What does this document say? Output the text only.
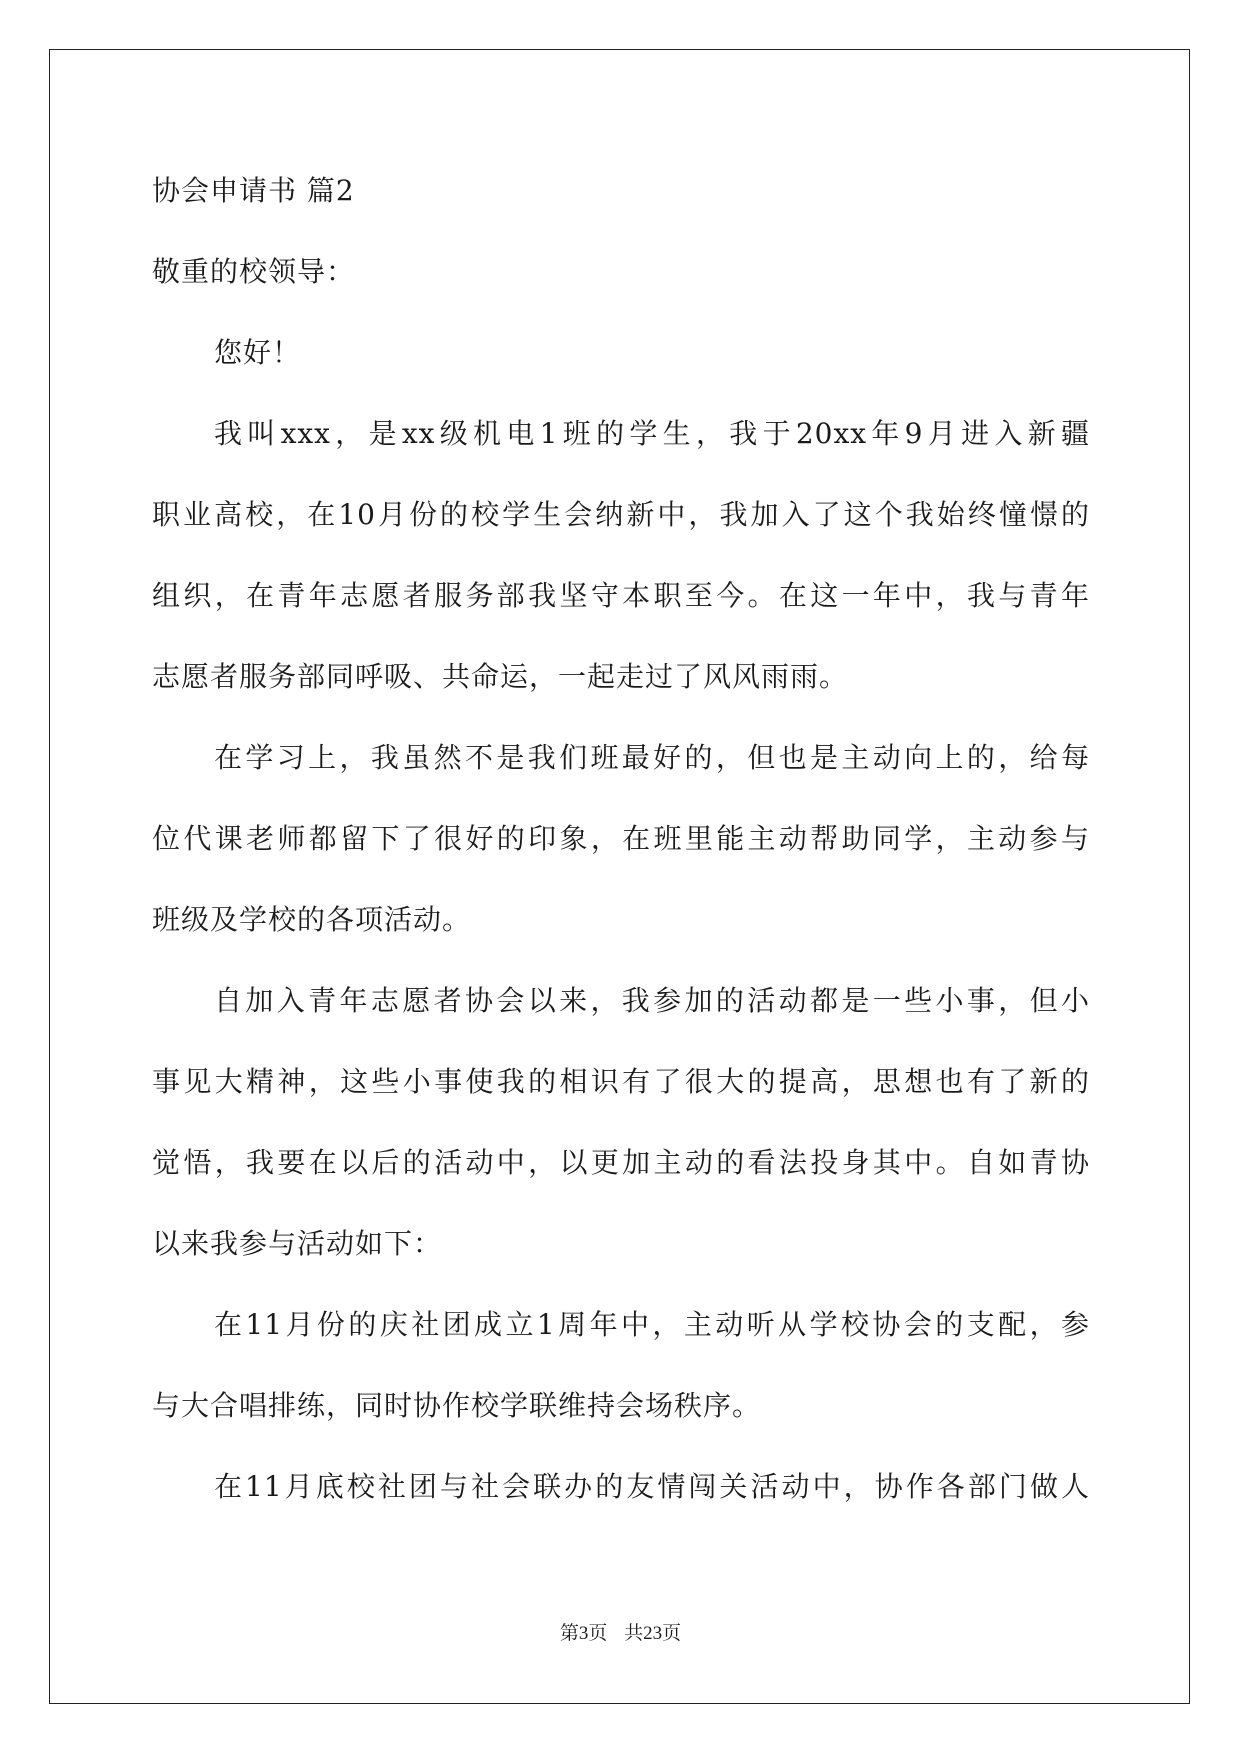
协会申请书 篇2
敬重的校领导：
您好！
我叫xxx，是xx级机电1班的学生，我于20xx年9月进入新疆
职业高校，在10月份的校学生会纳新中，我加入了这个我始终憧憬的
组织，在青年志愿者服务部我坚守本职至今。在这一年中，我与青年
志愿者服务部同呼吸、共命运，一起走过了风风雨雨。
在学习上，我虽然不是我们班最好的，但也是主动向上的，给每
位代课老师都留下了很好的印象，在班里能主动帮助同学，主动参与
班级及学校的各项活动。
自加入青年志愿者协会以来，我参加的活动都是一些小事，但小
事见大精神，这些小事使我的相识有了很大的提高，思想也有了新的
觉悟，我要在以后的活动中，以更加主动的看法投身其中。自如青协
以来我参与活动如下：
在11月份的庆社团成立1周年中，主动听从学校协会的支配，参
与大合唱排练，同时协作校学联维持会场秩序。
在11月底校社团与社会联办的友情闯关活动中，协作各部门做人
第3页 共23页
